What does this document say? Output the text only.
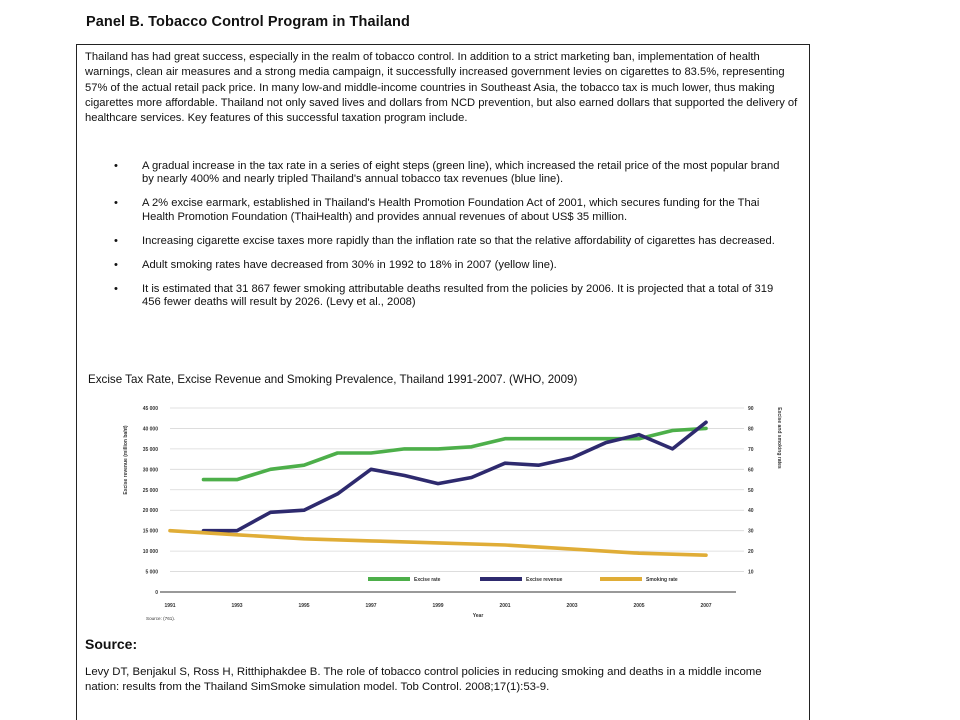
Panel B. Tobacco Control Program in Thailand

Thailand has had great success, especially in the realm of tobacco control. In addition to a strict marketing ban, implementation of health warnings, clean air measures and a strong media campaign, it successfully increased government levies on cigarettes to 83.5%, representing 57% of the actual retail pack price. In many low-and middle-income countries in Southeast Asia, the tobacco tax is much lower, thus making cigarettes more affordable. Thailand not only saved lives and dollars from NCD prevention, but also earned dollars that supported the delivery of healthcare services. Key features of this successful taxation program include.

• A gradual increase in the tax rate in a series of eight steps (green line), which increased the retail price of the most popular brand by nearly 400% and nearly tripled Thailand's annual tobacco tax revenues (blue line).
• A 2% excise earmark, established in Thailand's Health Promotion Foundation Act of 2001, which secures funding for the Thai Health Promotion Foundation (ThaiHealth) and provides annual revenues of about US$ 35 million.
• Increasing cigarette excise taxes more rapidly than the inflation rate so that the relative affordability of cigarettes has decreased.
• Adult smoking rates have decreased from 30% in 1992 to 18% in 2007 (yellow line).
• It is estimated that 31 867 fewer smoking attributable deaths resulted from the policies by 2006. It is projected that a total of 319 456 fewer deaths will result by 2026. (Levy et al., 2008)
Excise Tax Rate, Excise Revenue and Smoking Prevalence, Thailand 1991-2007. (WHO, 2009)
0
5 000
10 000
15 000
20 000
25 000
30 000
35 000
40 000
45 000
10
20
30
40
50
60
70
80
90
1991	1993	1995	1997	1999	2001	2003	2005	2007
Year
Excise revenue (million baht)	Excise and smoking rates
Excise rate	Excise revenue	Smoking rate
Source: (761).
Source:

Levy DT, Benjakul S, Ross H, Ritthiphakdee B. The role of tobacco control policies in reducing smoking and deaths in a middle income nation: results from the Thailand SimSmoke simulation model. Tob Control. 2008;17(1):53-9.
